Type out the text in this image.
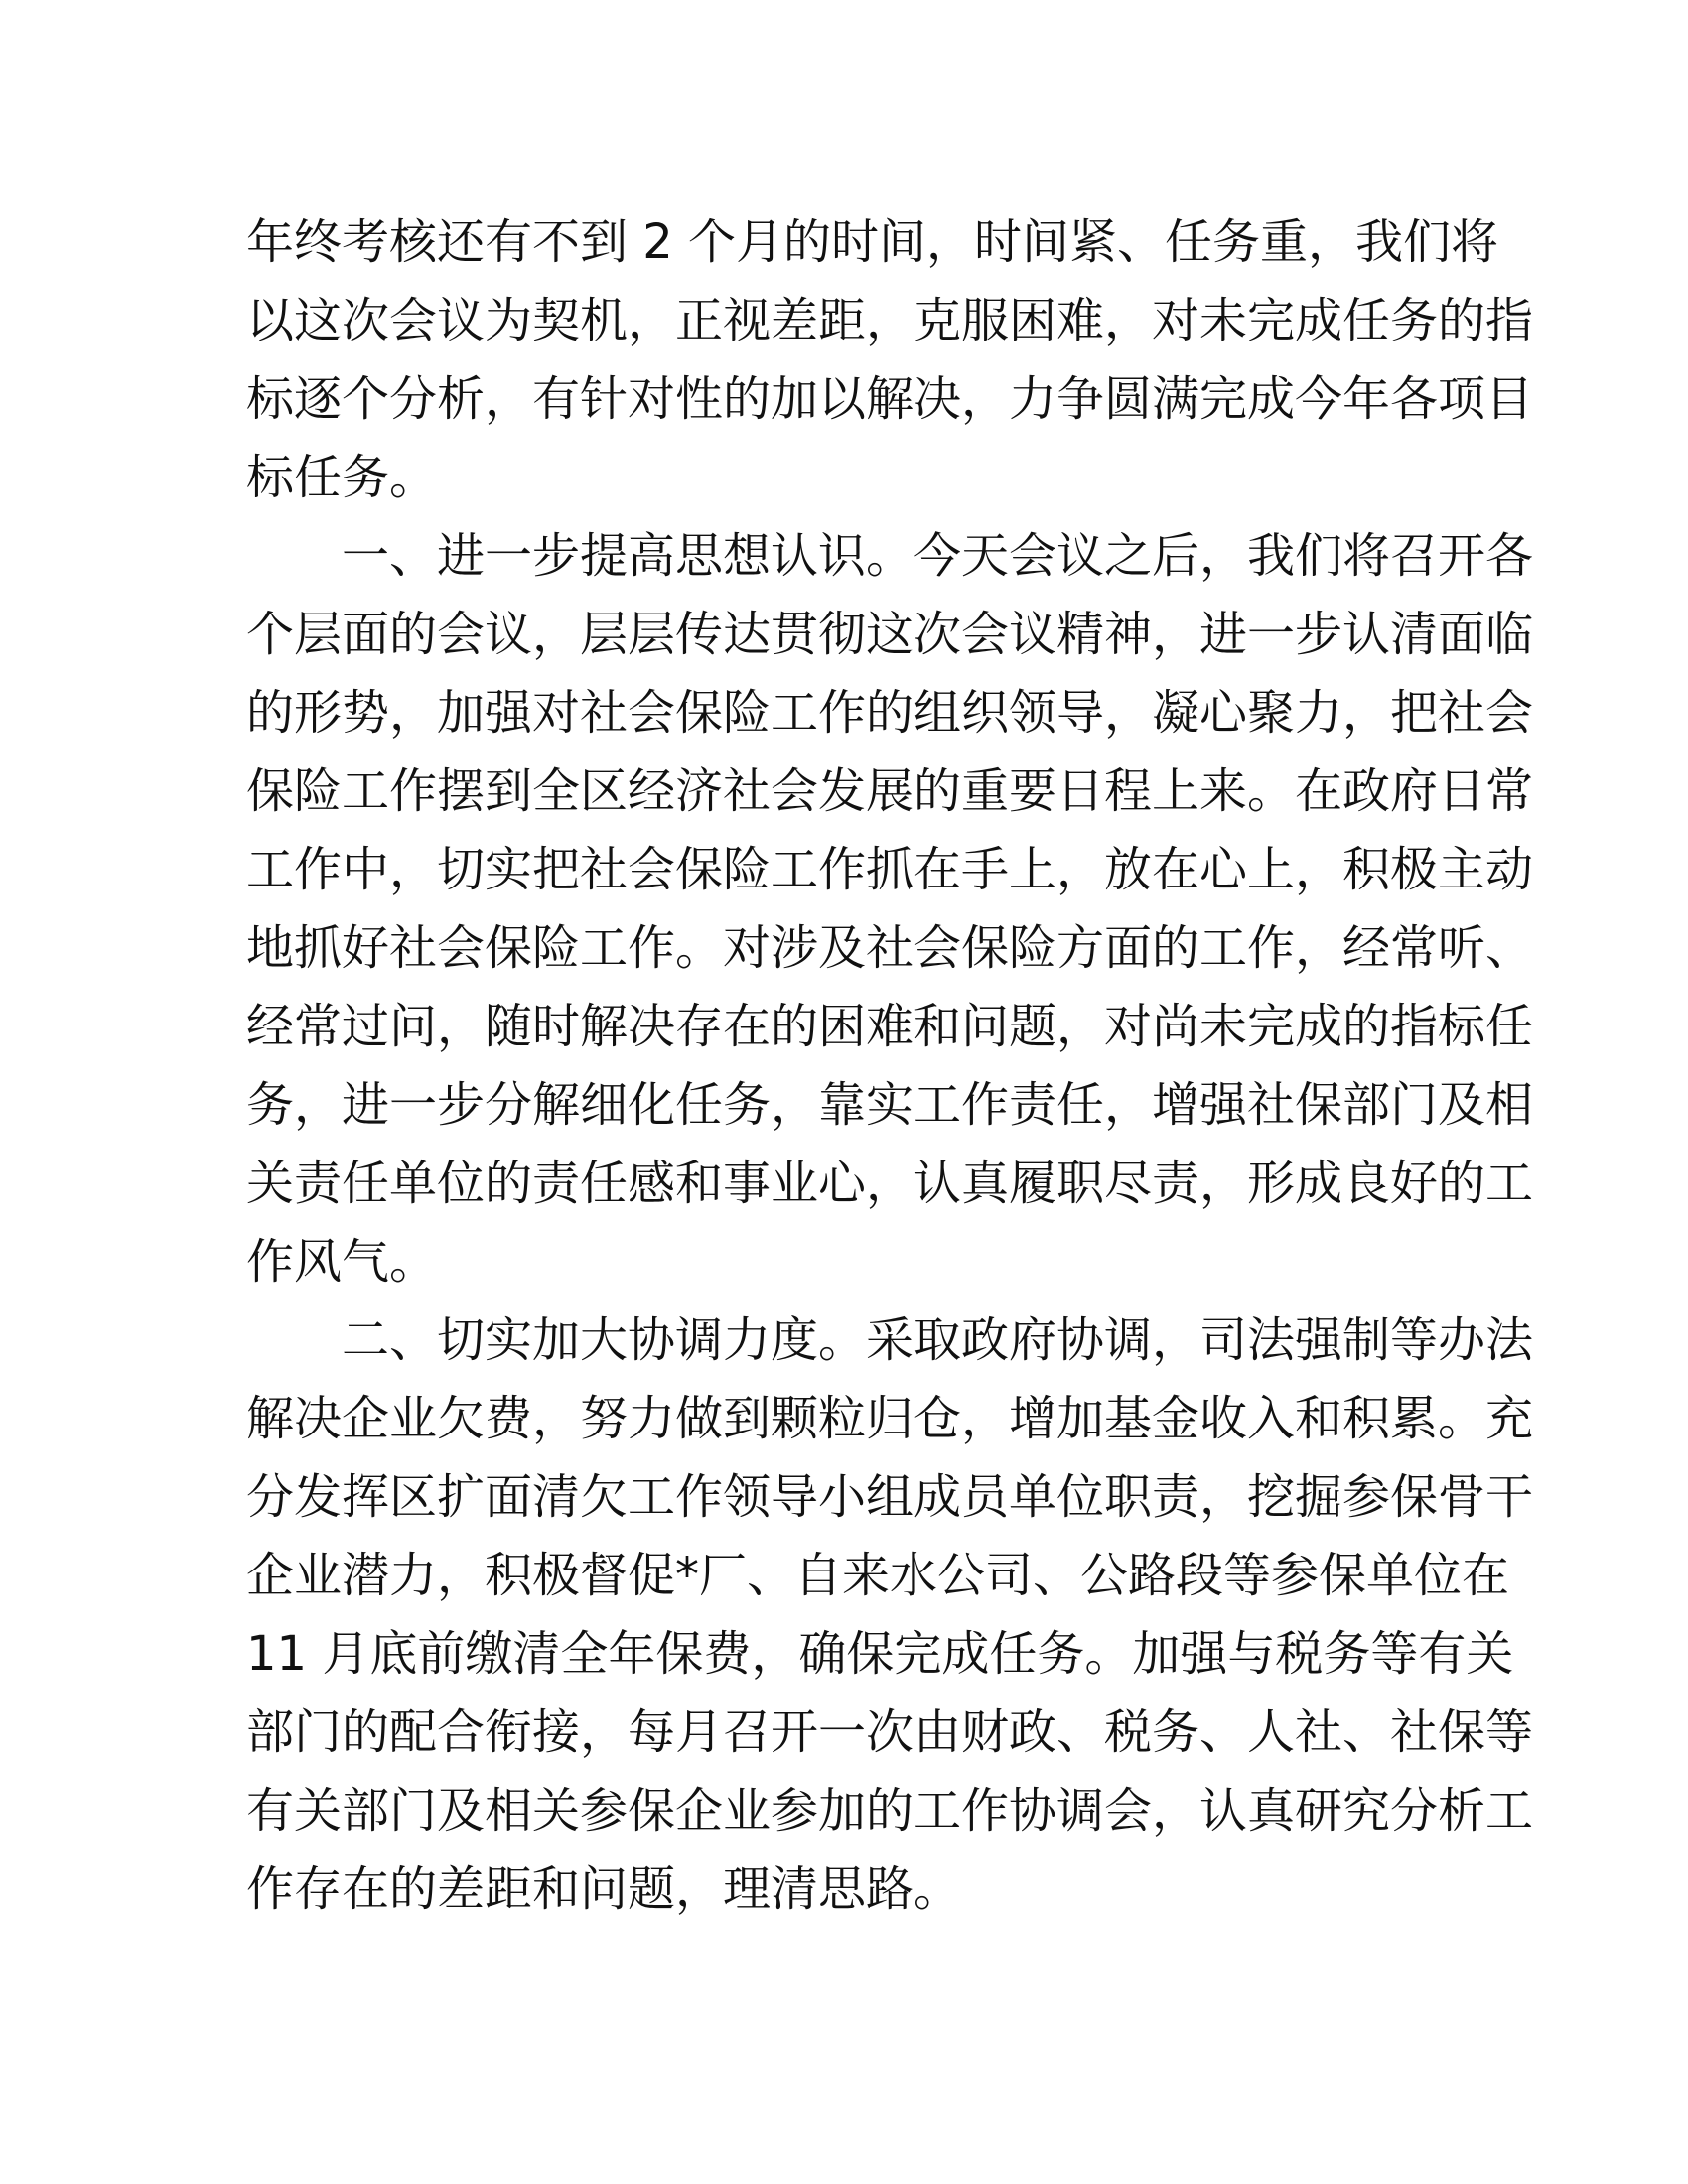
年终考核还有不到 2 个月的时间，时间紧、任务重，我们将
以这次会议为契机，正视差距，克服困难，对未完成任务的指
标逐个分析，有针对性的加以解决，力争圆满完成今年各项目
标任务。
一、进一步提高思想认识。今天会议之后，我们将召开各
个层面的会议，层层传达贯彻这次会议精神，进一步认清面临
的形势，加强对社会保险工作的组织领导，凝心聚力，把社会
保险工作摆到全区经济社会发展的重要日程上来。在政府日常
工作中，切实把社会保险工作抓在手上，放在心上，积极主动
地抓好社会保险工作。对涉及社会保险方面的工作，经常听、
经常过问，随时解决存在的困难和问题，对尚未完成的指标任
务，进一步分解细化任务，靠实工作责任，增强社保部门及相
关责任单位的责任感和事业心，认真履职尽责，形成良好的工
作风气。
二、切实加大协调力度。采取政府协调，司法强制等办法
解决企业欠费，努力做到颗粒归仓，增加基金收入和积累。充
分发挥区扩面清欠工作领导小组成员单位职责，挖掘参保骨干
企业潜力，积极督促*厂、自来水公司、公路段等参保单位在
11 月底前缴清全年保费，确保完成任务。加强与税务等有关
部门的配合衔接，每月召开一次由财政、税务、人社、社保等
有关部门及相关参保企业参加的工作协调会，认真研究分析工
作存在的差距和问题，理清思路。
